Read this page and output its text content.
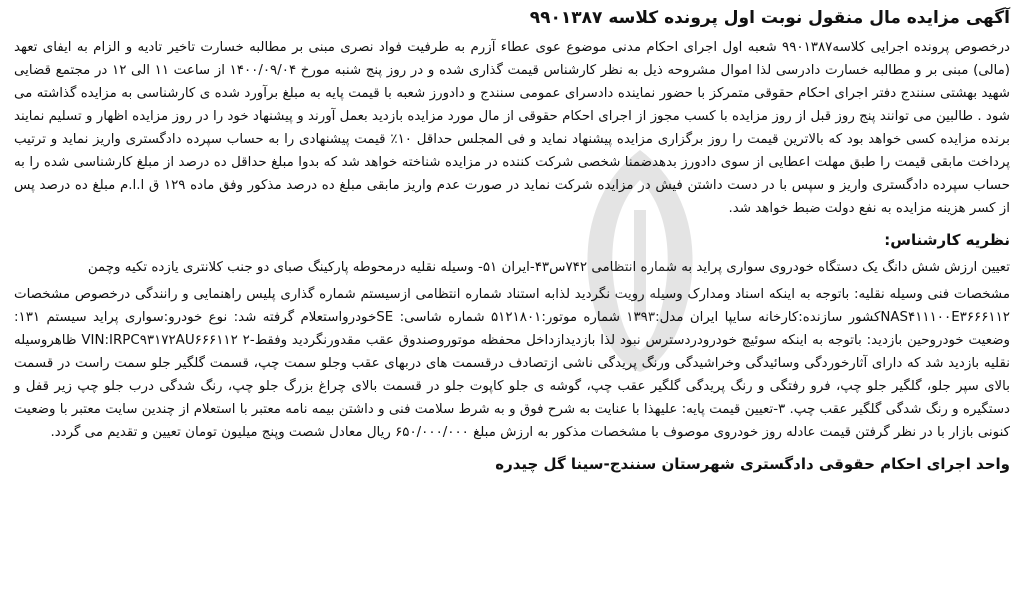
آگهی مزایده مال منقول نوبت اول پرونده کلاسه ۹۹۰۱۳۸۷

درخصوص پرونده اجرایی کلاسه۹۹۰۱۳۸۷ شعبه اول اجرای احکام مدنی موضوع عوی عطاء آزرم به طرفیت فواد نصری مبنی بر مطالبه خسارت تاخیر تادیه و الزام به ایفای تعهد (مالی) مبنی بر و مطالبه خسارت دادرسی لذا اموال مشروحه ذیل به نظر کارشناس قیمت گذاری شده و در روز پنج شنبه مورخ ۱۴۰۰/۰۹/۰۴ از ساعت ۱۱ الی ۱۲ در مجتمع قضایی شهید بهشتی سنندج دفتر اجرای احکام حقوقی متمرکز با حضور نماینده دادسرای عمومی سنندج و دادورز شعبه با قیمت پایه به مبلغ برآورد شده ی کارشناسی به مزایده گذاشته می شود . طالبین می توانند پنج روز قبل از روز مزایده با کسب مجوز از اجرای احکام حقوقی از مال مورد مزایده بازدید بعمل آورند و پیشنهاد خود را در روز مزایده اظهار و تسلیم نمایند برنده مزایده کسی خواهد بود که بالاترین قیمت را روز برگزاری مزایده پیشنهاد نماید و فی المجلس حداقل ۱۰٪ قیمت پیشنهادی را به حساب سپرده دادگستری واریز نماید و ترتیب پرداخت مابقی قیمت را طبق مهلت اعطایی از سوی دادورز بدهدضمنا شخصی شرکت کننده در مزایده شناخته خواهد شد که بدوا مبلغ حداقل ده درصد از مبلغ کارشناسی شده را به حساب سپرده دادگستری واریز و سپس با در دست داشتن فیش در مزایده شرکت نماید در صورت عدم واریز مابقی مبلغ ده درصد مذکور وفق ماده ۱۲۹ ق ا.ا.م مبلغ ده درصد پس از کسر هزینه مزایده به نفع دولت ضبط خواهد شد.

نظریه کارشناس:

تعیین ارزش شش دانگ یک دستگاه خودروی سواری پراید به شماره انتظامی ۷۴۲س۴۳-ایران ۵۱- وسیله نقلیه درمحوطه پارکینگ صبای دو جنب کلانتری یازده تکیه وچمن

مشخصات فنی وسیله نقلیه: باتوجه به اینکه اسناد ومدارک وسیله رویت نگردید لذابه استناد شماره انتظامی ازسیستم شماره گذاری پلیس راهنمایی و رانندگی درخصوص مشخصات NAS۴۱۱۱۰۰E۳۶۶۶۱۱۲کشور سازنده:کارخانه سایپا ایران مدل:۱۳۹۳ شماره موتور:۵۱۲۱۸۰۱ شماره شاسی: SEخودرواستعلام گرفته شد: نوع خودرو:سواری پراید سیستم ۱۳۱: وضعیت خودروحین بازدید: باتوجه به اینکه سوئیچ خودرودردسترس نبود لذا بازدیدازداخل محفظه موتوروصندوق عقب مقدورنگردید وفقط-۲ VIN:IRPC۹۳۱۷۲AU۶۶۶۱۱۲ ظاهروسیله نقلیه بازدید شد که دارای آثارخوردگی وسائیدگی وخراشیدگی ورنگ پریدگی ناشی ازتصادف درقسمت های دربهای عقب وجلو سمت چپ، قسمت گلگیر جلو سمت راست در قسمت بالای سپر جلو، گلگیر جلو چپ، فرو رفتگی و رنگ پریدگی گلگیر عقب چپ، گوشه ی جلو کاپوت جلو در قسمت بالای چراغ بزرگ جلو چپ، رنگ شدگی درب جلو چپ زیر قفل و دستگیره و رنگ شدگی گلگیر عقب چپ. ۳-تعیین قیمت پایه: علیهذا با عنایت به شرح فوق و به شرط سلامت فنی و داشتن بیمه نامه معتبر با استعلام از چندین سایت معتبر با وضعیت کنونی بازار با در نظر گرفتن قیمت عادله روز خودروی موصوف با مشخصات مذکور به ارزش مبلغ ۶۵۰/۰۰۰/۰۰۰ ریال معادل شصت وپنج میلیون تومان تعیین و تقدیم می گردد.

واحد اجرای احکام حقوقی دادگستری شهرستان سنندج-سینا گل چیدره
